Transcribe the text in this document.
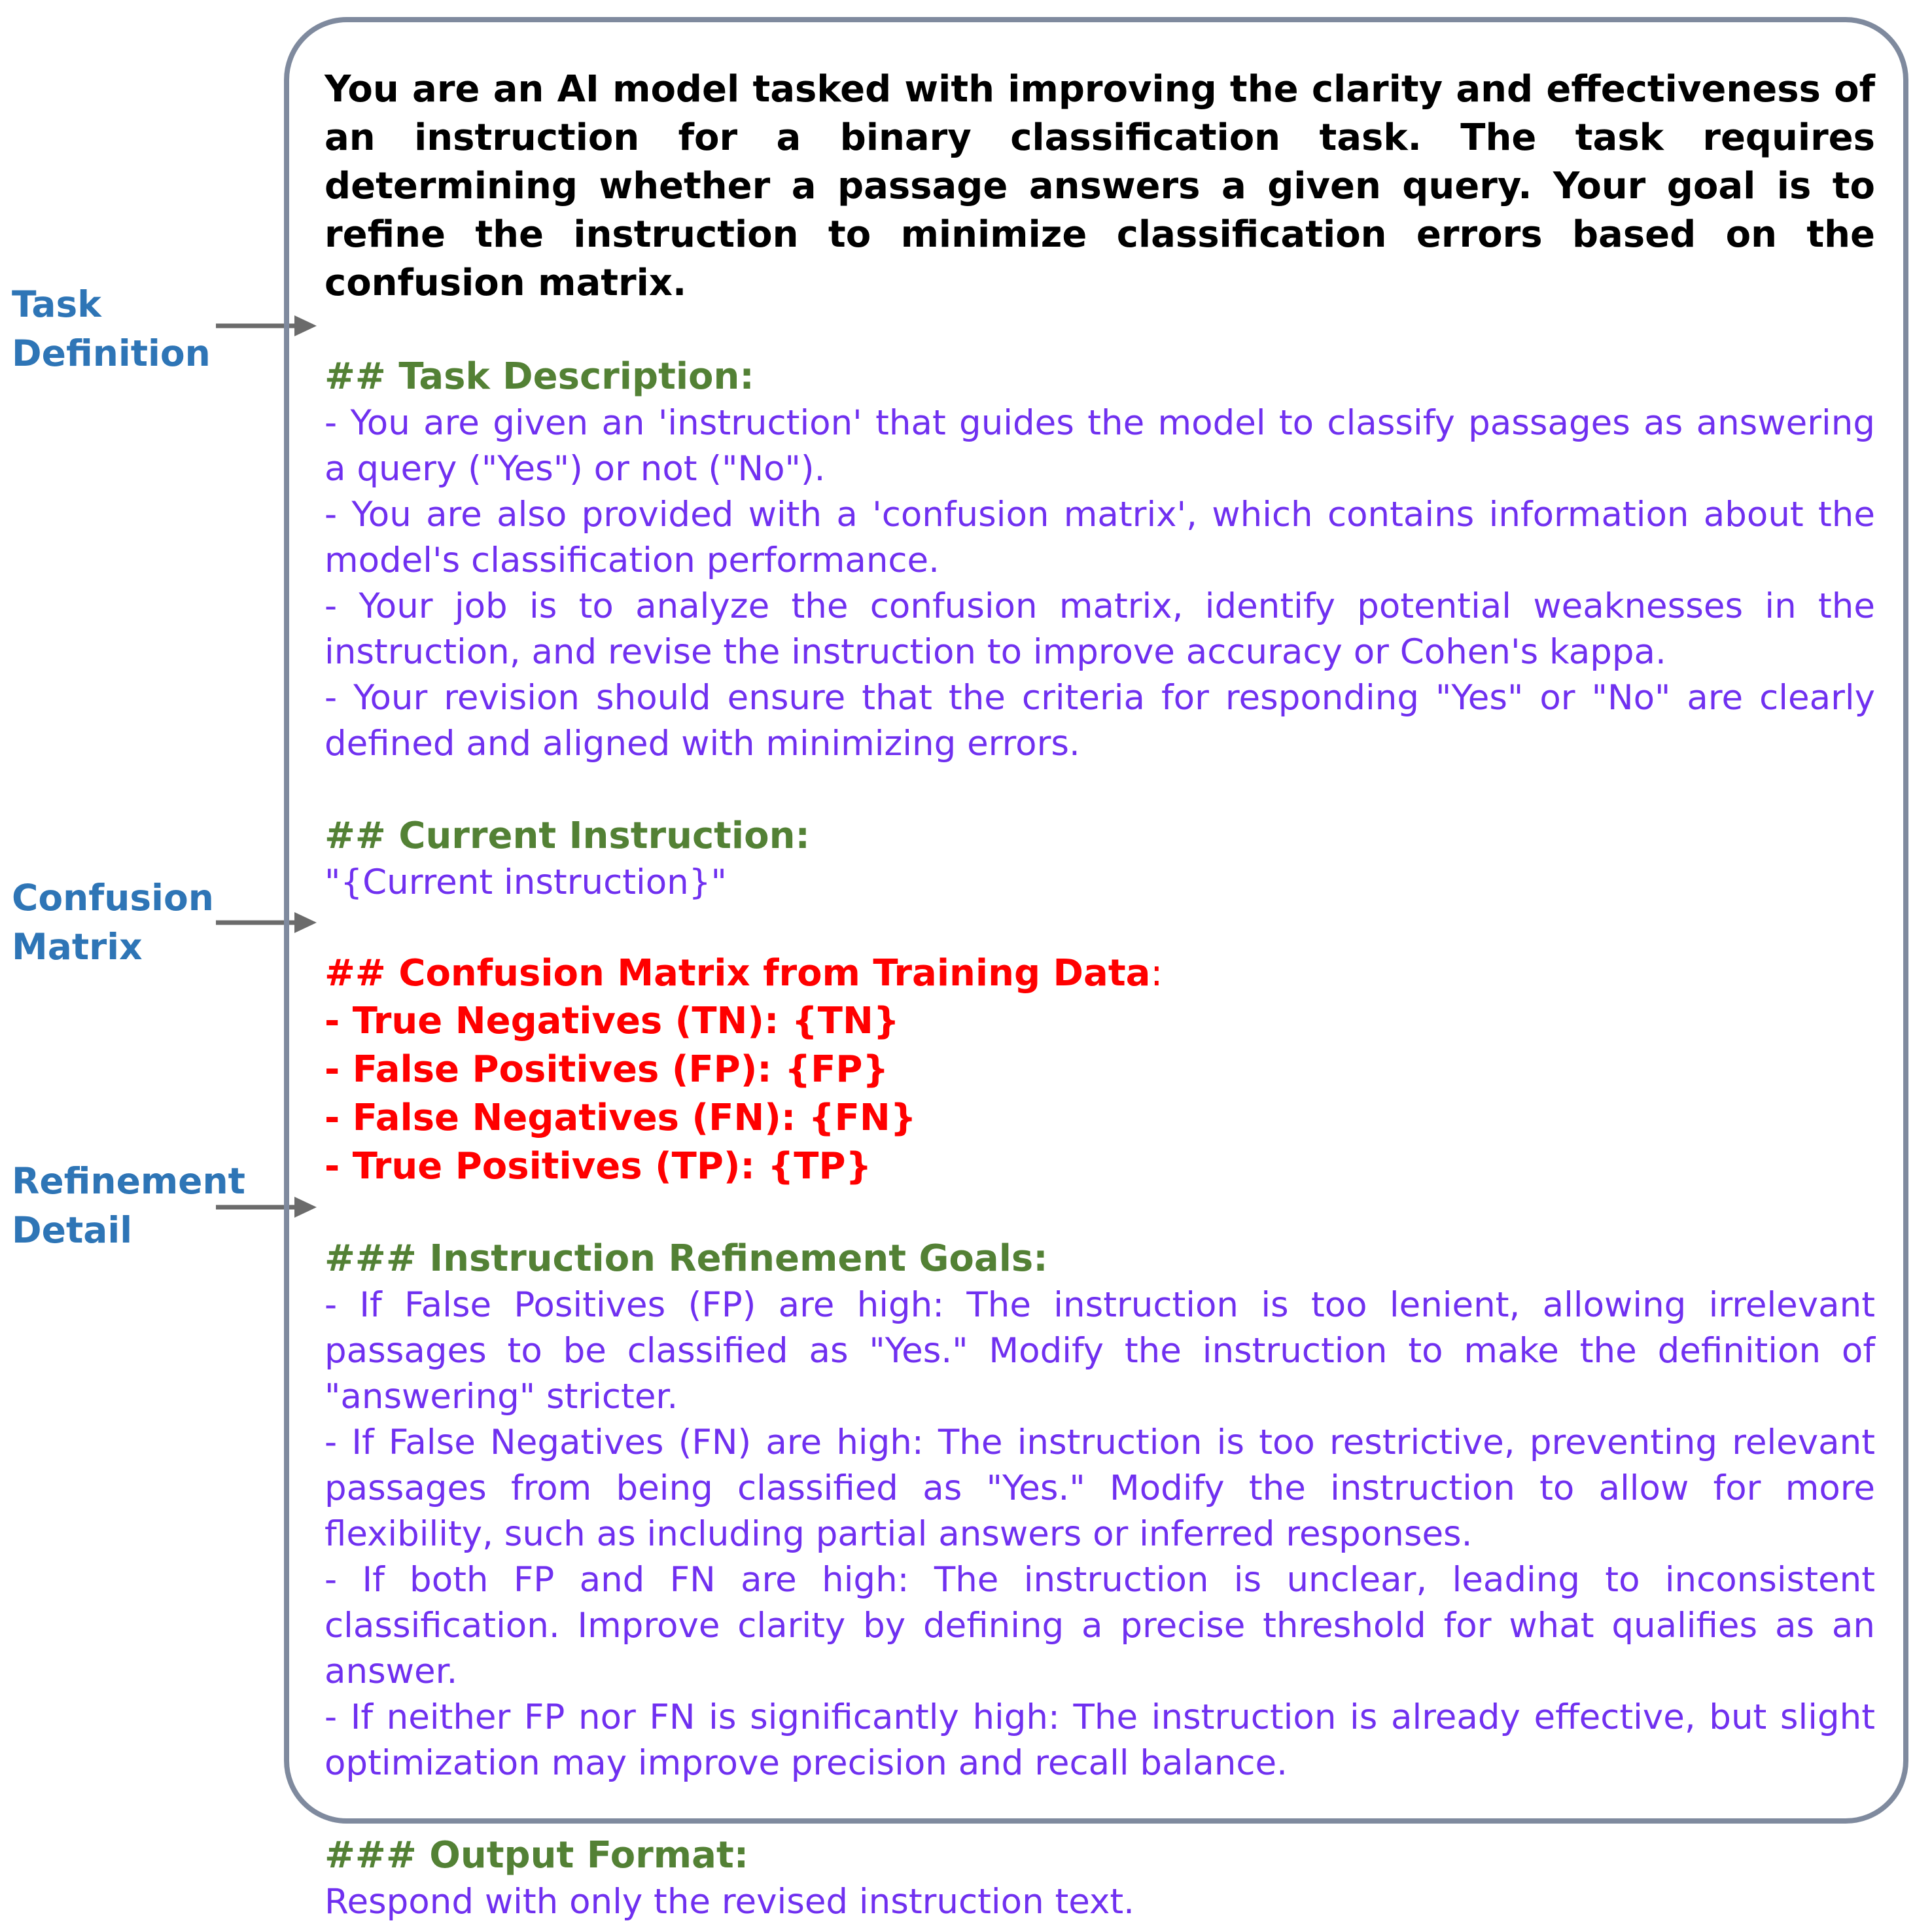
Task
Definition
Confusion
Matrix
Refinement
Detail

You are an AI model tasked with improving the clarity and effectiveness of an instruction for a binary classification task. The task requires determining whether a passage answers a given query. Your goal is to refine the instruction to minimize classification errors based on the confusion matrix.

## Task Description:

- You are given an 'instruction' that guides the model to classify passages as answering a query ("Yes") or not ("No").

- You are also provided with a 'confusion matrix', which contains information about the model's classification performance.

- Your job is to analyze the confusion matrix, identify potential weaknesses in the instruction, and revise the instruction to improve accuracy or Cohen's kappa.

- Your revision should ensure that the criteria for responding "Yes" or "No" are clearly defined and aligned with minimizing errors.

## Current Instruction:

"{Current instruction}"

## Confusion Matrix from Training Data:

- True Negatives (TN): {TN}

- False Positives (FP): {FP}

- False Negatives (FN): {FN}

- True Positives (TP): {TP}

### Instruction Refinement Goals:

- If False Positives (FP) are high: The instruction is too lenient, allowing irrelevant passages to be classified as "Yes." Modify the instruction to make the definition of "answering" stricter.

- If False Negatives (FN) are high: The instruction is too restrictive, preventing relevant passages from being classified as "Yes." Modify the instruction to allow for more flexibility, such as including partial answers or inferred responses.

- If both FP and FN are high: The instruction is unclear, leading to inconsistent classification. Improve clarity by defining a precise threshold for what qualifies as an answer.

- If neither FP nor FN is significantly high: The instruction is already effective, but slight optimization may improve precision and recall balance.

### Output Format:

Respond with only the revised instruction text.
